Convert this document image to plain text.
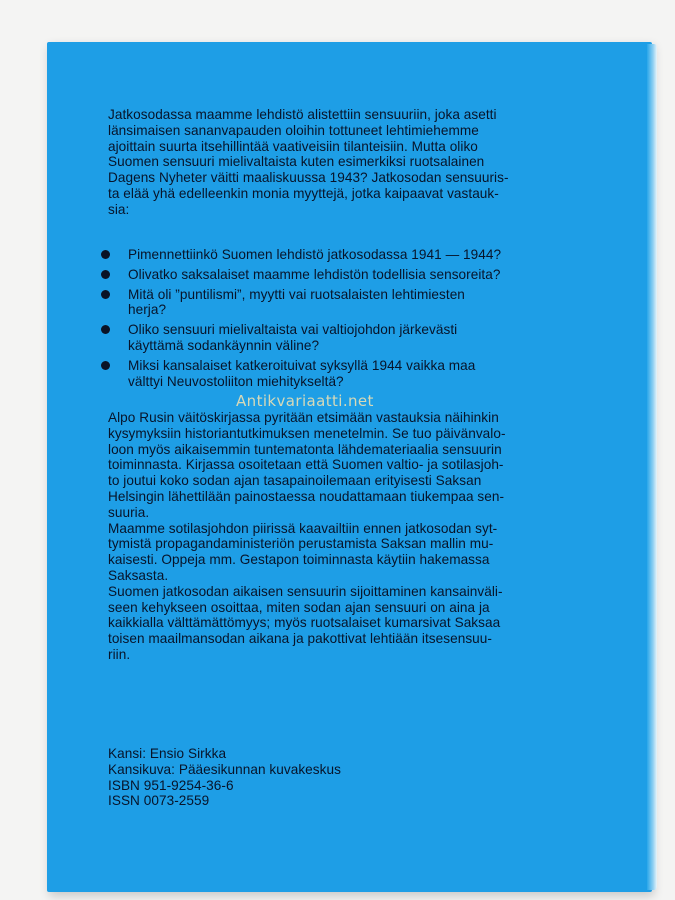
Jatkosodassa maamme lehdistö alistettiin sensuuriin, joka asetti
länsimaisen sananvapauden oloihin tottuneet lehtimiehemme
ajoittain suurta itsehillintää vaativeisiin tilanteisiin. Mutta oliko
Suomen sensuuri mielivaltaista kuten esimerkiksi ruotsalainen
Dagens Nyheter väitti maaliskuussa 1943? Jatkosodan sensuuris-
ta elää yhä edelleenkin monia myyttejä, jotka kaipaavat vastauk-
sia:
Pimennettiinkö Suomen lehdistö jatkosodassa 1941 — 1944?
Olivatko saksalaiset maamme lehdistön todellisia sensoreita?
Mitä oli ”puntilismi”, myytti vai ruotsalaisten lehtimiesten
herja?
Oliko sensuuri mielivaltaista vai valtiojohdon järkevästi
käyttämä sodankäynnin väline?
Miksi kansalaiset katkeroituivat syksyllä 1944 vaikka maa
välttyi Neuvostoliiton miehitykseltä?
Antikvariaatti.net
Alpo Rusin väitöskirjassa pyritään etsimään vastauksia näihinkin
kysymyksiin historiantutkimuksen menetelmin. Se tuo päivänvalo-
loon myös aikaisemmin tuntematonta lähdemateriaalia sensuurin
toiminnasta. Kirjassa osoitetaan että Suomen valtio- ja sotilasjoh-
to joutui koko sodan ajan tasapainoilemaan erityisesti Saksan
Helsingin lähettilään painostaessa noudattamaan tiukempaa sen-
suuria.
Maamme sotilasjohdon piirissä kaavailtiin ennen jatkosodan syt-
tymistä propagandaministeriön perustamista Saksan mallin mu-
kaisesti. Oppeja mm. Gestapon toiminnasta käytiin hakemassa
Saksasta.
Suomen jatkosodan aikaisen sensuurin sijoittaminen kansainväli-
seen kehykseen osoittaa, miten sodan ajan sensuuri on aina ja
kaikkialla välttämättömyys; myös ruotsalaiset kumarsivat Saksaa
toisen maailmansodan aikana ja pakottivat lehtiään itsesensuu-
riin.
Kansi: Ensio Sirkka
Kansikuva: Pääesikunnan kuvakeskus
ISBN 951-9254-36-6
ISSN 0073-2559
